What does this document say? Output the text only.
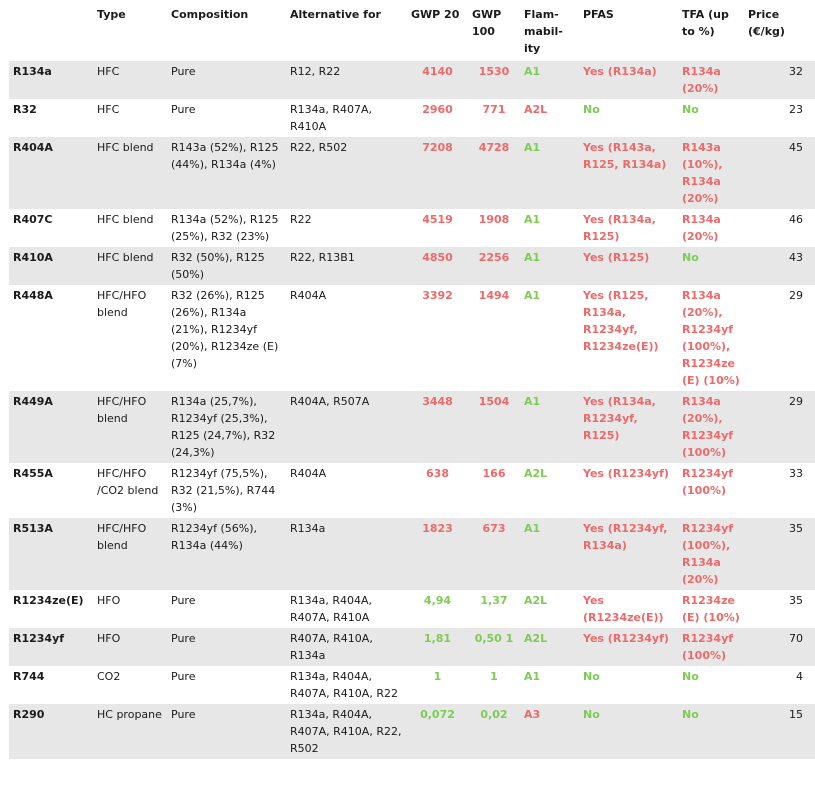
	Type	Composition	Alternative for	GWP 20	GWP 100	Flam-mabil-ity	PFAS	TFA (up to %)	Price (€/kg)
R134a	HFC	Pure	R12, R22	4140	1530	A1	Yes (R134a)	R134a (20%)	32
R32	HFC	Pure	R134a, R407A, R410A	2960	771	A2L	No	No	23
R404A	HFC blend	R143a (52%), R125 (44%), R134a (4%)	R22, R502	7208	4728	A1	Yes (R143a, R125, R134a)	R143a (10%), R134a (20%)	45
R407C	HFC blend	R134a (52%), R125 (25%), R32 (23%)	R22	4519	1908	A1	Yes (R134a, R125)	R134a (20%)	46
R410A	HFC blend	R32 (50%), R125 (50%)	R22, R13B1	4850	2256	A1	Yes (R125)	No	43
R448A	HFC/HFO blend	R32 (26%), R125 (26%), R134a (21%), R1234yf (20%), R1234ze (E) (7%)	R404A	3392	1494	A1	Yes (R125, R134a, R1234yf, R1234ze(E))	R134a (20%), R1234yf (100%), R1234ze (E) (10%)	29
R449A	HFC/HFO blend	R134a (25,7%), R1234yf (25,3%), R125 (24,7%), R32 (24,3%)	R404A, R507A	3448	1504	A1	Yes (R134a, R1234yf, R125)	R134a (20%), R1234yf (100%)	29
R455A	HFC/HFO /CO2 blend	R1234yf (75,5%), R32 (21,5%), R744 (3%)	R404A	638	166	A2L	Yes (R1234yf)	R1234yf (100%)	33
R513A	HFC/HFO blend	R1234yf (56%), R134a (44%)	R134a	1823	673	A1	Yes (R1234yf, R134a)	R1234yf (100%), R134a (20%)	35
R1234ze(E)	HFO	Pure	R134a, R404A, R407A, R410A	4,94	1,37	A2L	Yes (R1234ze(E))	R1234ze (E) (10%)	35
R1234yf	HFO	Pure	R407A, R410A, R134a	1,81	0,50 1	A2L	Yes (R1234yf)	R1234yf (100%)	70
R744	CO2	Pure	R134a, R404A, R407A, R410A, R22	1	1	A1	No	No	4
R290	HC propane	Pure	R134a, R404A, R407A, R410A, R22, R502	0,072	0,02	A3	No	No	15
